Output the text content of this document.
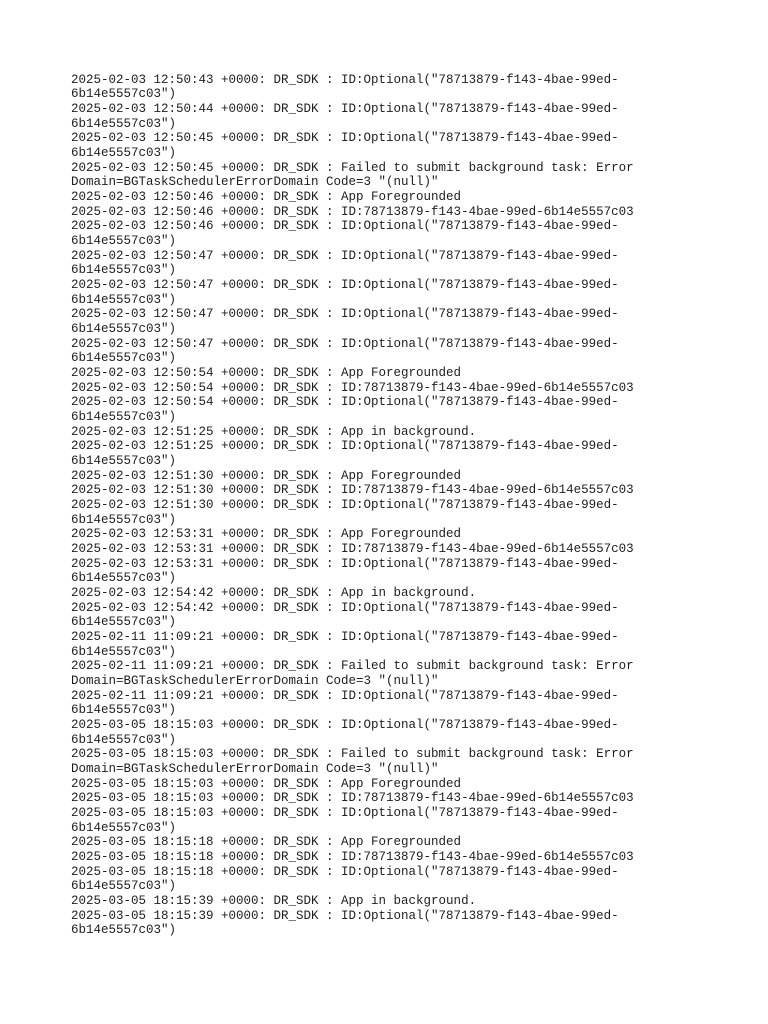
2025-02-03 12:50:43 +0000: DR_SDK : ID:Optional("78713879-f143-4bae-99ed-
6b14e5557c03")
2025-02-03 12:50:44 +0000: DR_SDK : ID:Optional("78713879-f143-4bae-99ed-
6b14e5557c03")
2025-02-03 12:50:45 +0000: DR_SDK : ID:Optional("78713879-f143-4bae-99ed-
6b14e5557c03")
2025-02-03 12:50:45 +0000: DR_SDK : Failed to submit background task: Error
Domain=BGTaskSchedulerErrorDomain Code=3 "(null)"
2025-02-03 12:50:46 +0000: DR_SDK : App Foregrounded
2025-02-03 12:50:46 +0000: DR_SDK : ID:78713879-f143-4bae-99ed-6b14e5557c03
2025-02-03 12:50:46 +0000: DR_SDK : ID:Optional("78713879-f143-4bae-99ed-
6b14e5557c03")
2025-02-03 12:50:47 +0000: DR_SDK : ID:Optional("78713879-f143-4bae-99ed-
6b14e5557c03")
2025-02-03 12:50:47 +0000: DR_SDK : ID:Optional("78713879-f143-4bae-99ed-
6b14e5557c03")
2025-02-03 12:50:47 +0000: DR_SDK : ID:Optional("78713879-f143-4bae-99ed-
6b14e5557c03")
2025-02-03 12:50:47 +0000: DR_SDK : ID:Optional("78713879-f143-4bae-99ed-
6b14e5557c03")
2025-02-03 12:50:54 +0000: DR_SDK : App Foregrounded
2025-02-03 12:50:54 +0000: DR_SDK : ID:78713879-f143-4bae-99ed-6b14e5557c03
2025-02-03 12:50:54 +0000: DR_SDK : ID:Optional("78713879-f143-4bae-99ed-
6b14e5557c03")
2025-02-03 12:51:25 +0000: DR_SDK : App in background.
2025-02-03 12:51:25 +0000: DR_SDK : ID:Optional("78713879-f143-4bae-99ed-
6b14e5557c03")
2025-02-03 12:51:30 +0000: DR_SDK : App Foregrounded
2025-02-03 12:51:30 +0000: DR_SDK : ID:78713879-f143-4bae-99ed-6b14e5557c03
2025-02-03 12:51:30 +0000: DR_SDK : ID:Optional("78713879-f143-4bae-99ed-
6b14e5557c03")
2025-02-03 12:53:31 +0000: DR_SDK : App Foregrounded
2025-02-03 12:53:31 +0000: DR_SDK : ID:78713879-f143-4bae-99ed-6b14e5557c03
2025-02-03 12:53:31 +0000: DR_SDK : ID:Optional("78713879-f143-4bae-99ed-
6b14e5557c03")
2025-02-03 12:54:42 +0000: DR_SDK : App in background.
2025-02-03 12:54:42 +0000: DR_SDK : ID:Optional("78713879-f143-4bae-99ed-
6b14e5557c03")
2025-02-11 11:09:21 +0000: DR_SDK : ID:Optional("78713879-f143-4bae-99ed-
6b14e5557c03")
2025-02-11 11:09:21 +0000: DR_SDK : Failed to submit background task: Error
Domain=BGTaskSchedulerErrorDomain Code=3 "(null)"
2025-02-11 11:09:21 +0000: DR_SDK : ID:Optional("78713879-f143-4bae-99ed-
6b14e5557c03")
2025-03-05 18:15:03 +0000: DR_SDK : ID:Optional("78713879-f143-4bae-99ed-
6b14e5557c03")
2025-03-05 18:15:03 +0000: DR_SDK : Failed to submit background task: Error
Domain=BGTaskSchedulerErrorDomain Code=3 "(null)"
2025-03-05 18:15:03 +0000: DR_SDK : App Foregrounded
2025-03-05 18:15:03 +0000: DR_SDK : ID:78713879-f143-4bae-99ed-6b14e5557c03
2025-03-05 18:15:03 +0000: DR_SDK : ID:Optional("78713879-f143-4bae-99ed-
6b14e5557c03")
2025-03-05 18:15:18 +0000: DR_SDK : App Foregrounded
2025-03-05 18:15:18 +0000: DR_SDK : ID:78713879-f143-4bae-99ed-6b14e5557c03
2025-03-05 18:15:18 +0000: DR_SDK : ID:Optional("78713879-f143-4bae-99ed-
6b14e5557c03")
2025-03-05 18:15:39 +0000: DR_SDK : App in background.
2025-03-05 18:15:39 +0000: DR_SDK : ID:Optional("78713879-f143-4bae-99ed-
6b14e5557c03")
